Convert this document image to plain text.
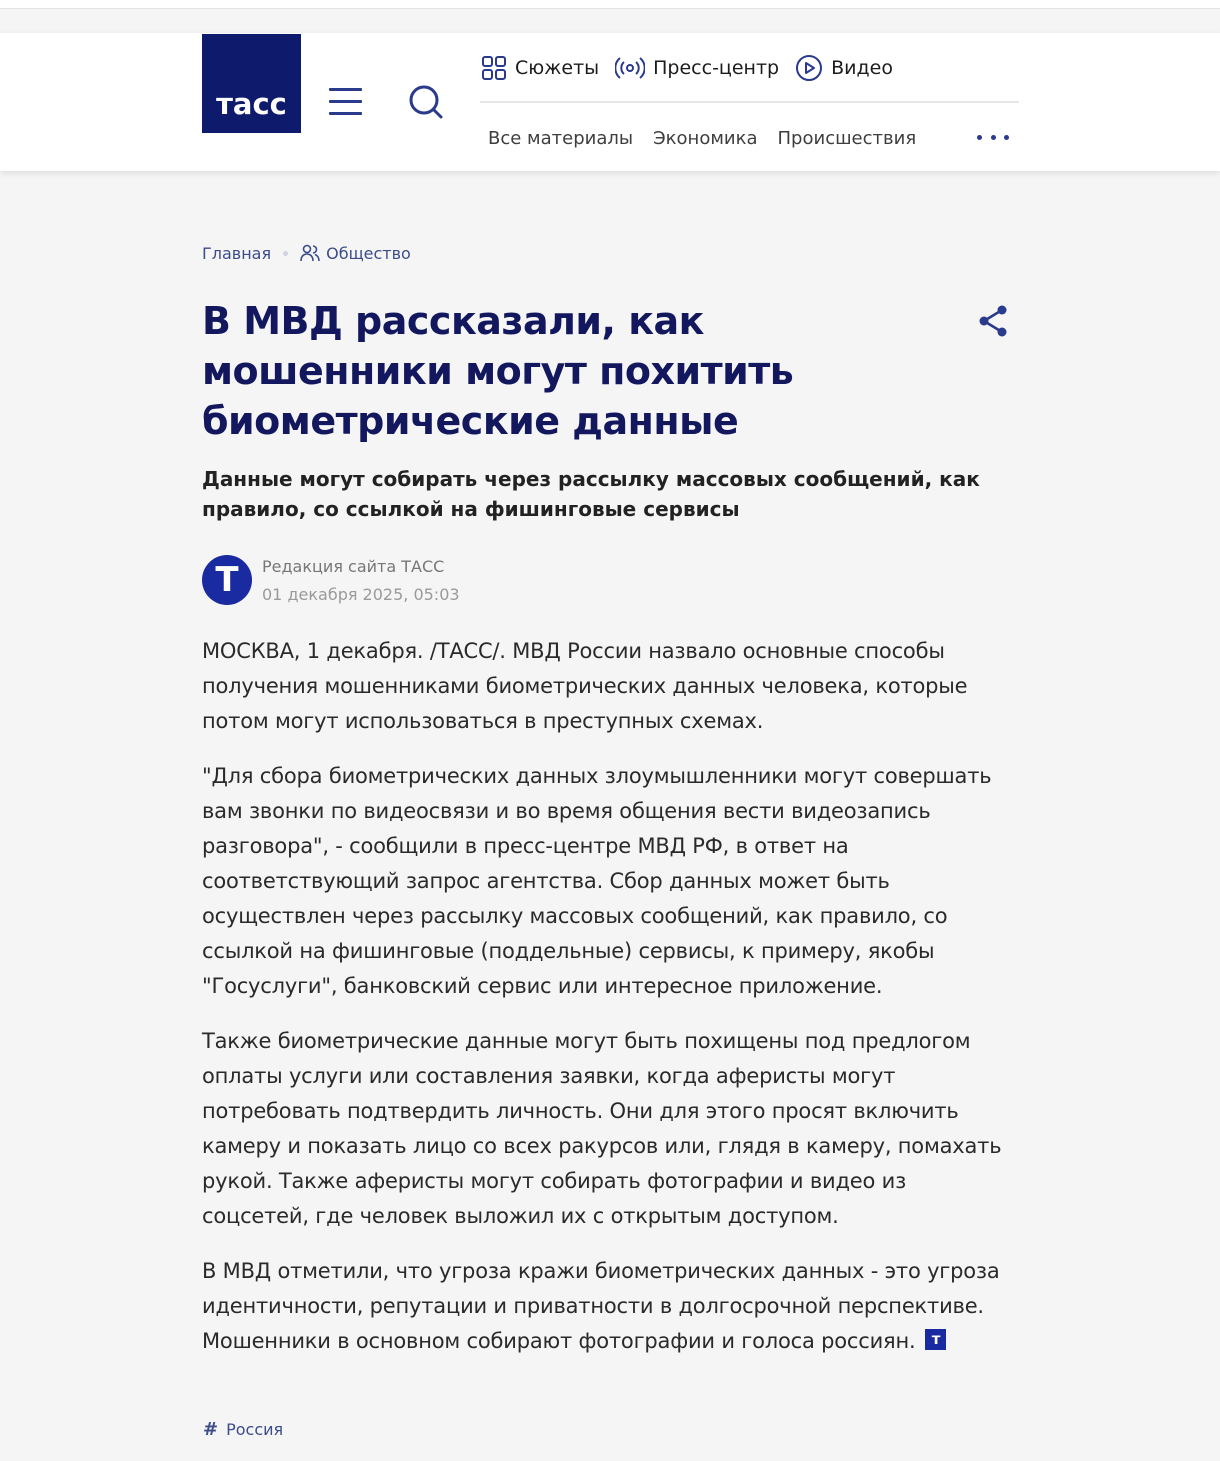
тасс
Сюжеты	Пресс-центр	Видео
Все материалы Экономика Происшествия
Главная	Общество
В МВД рассказали, как мошенники могут похитить биометрические данные

Данные могут собирать через рассылку массовых сообщений, как правило, со ссылкой на фишинговые сервисы

Т Редакция сайта ТАСС
01 декабря 2025, 05:03

МОСКВА, 1 декабря. /ТАСС/. МВД России назвало основные способы получения мошенниками биометрических данных человека, которые потом могут использоваться в преступных схемах.

"Для сбора биометрических данных злоумышленники могут совершать вам звонки по видеосвязи и во время общения вести видеозапись разговора", - сообщили в пресс-центре МВД РФ, в ответ на соответствующий запрос агентства. Сбор данных может быть осуществлен через рассылку массовых сообщений, как правило, со ссылкой на фишинговые (поддельные) сервисы, к примеру, якобы "Госуслуги", банковский сервис или интересное приложение.

Также биометрические данные могут быть похищены под предлогом оплаты услуги или составления заявки, когда аферисты могут потребовать подтвердить личность. Они для этого просят включить камеру и показать лицо со всех ракурсов или, глядя в камеру, помахать рукой. Также аферисты могут собирать фотографии и видео из соцсетей, где человек выложил их с открытым доступом.

В МВД отметили, что угроза кражи биометрических данных - это угроза идентичности, репутации и приватности в долгосрочной перспективе. Мошенники в основном собирают фотографии и голоса россиян.	т

# Россия
